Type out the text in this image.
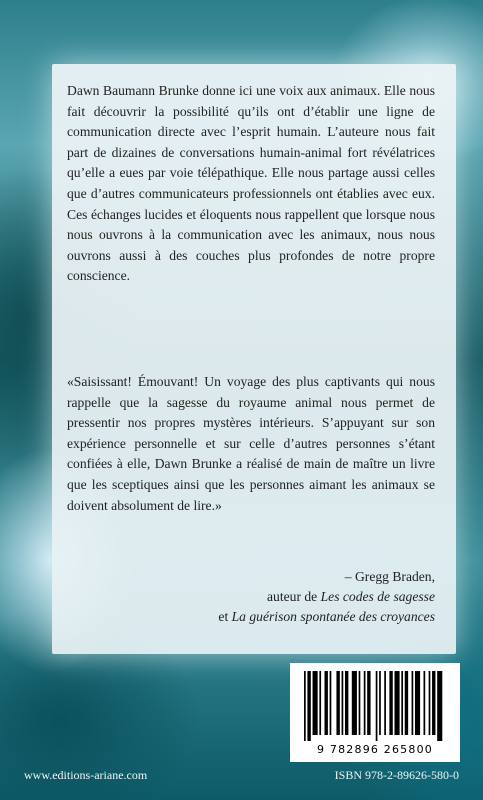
Dawn Baumann Brunke donne ici une voix aux animaux. Elle nous fait découvrir la possibilité qu’ils ont d’établir une ligne de communication directe avec l’esprit humain. L’auteure nous fait part de dizaines de conversations humain-animal fort révélatrices qu’elle a eues par voie télépathique. Elle nous partage aussi celles que d’autres communicateurs professionnels ont établies avec eux. Ces échanges lucides et éloquents nous rappellent que lorsque nous nous ouvrons à la communication avec les animaux, nous nous ouvrons aussi à des couches plus profondes de notre propre conscience.

«Saisissant! Émouvant! Un voyage des plus captivants qui nous rappelle que la sagesse du royaume animal nous permet de pressentir nos propres mystères intérieurs. S’appuyant sur son expérience personnelle et sur celle d’autres personnes s’étant confiées à elle, Dawn Brunke a réalisé de main de maître un livre que les sceptiques ainsi que les personnes aimant les animaux se doivent absolument de lire.»

– Gregg Braden,
auteur de Les codes de sagesse
et La guérison spontanée des croyances
9 782896 265800
www.editions-ariane.com	ISBN 978-2-89626-580-0
